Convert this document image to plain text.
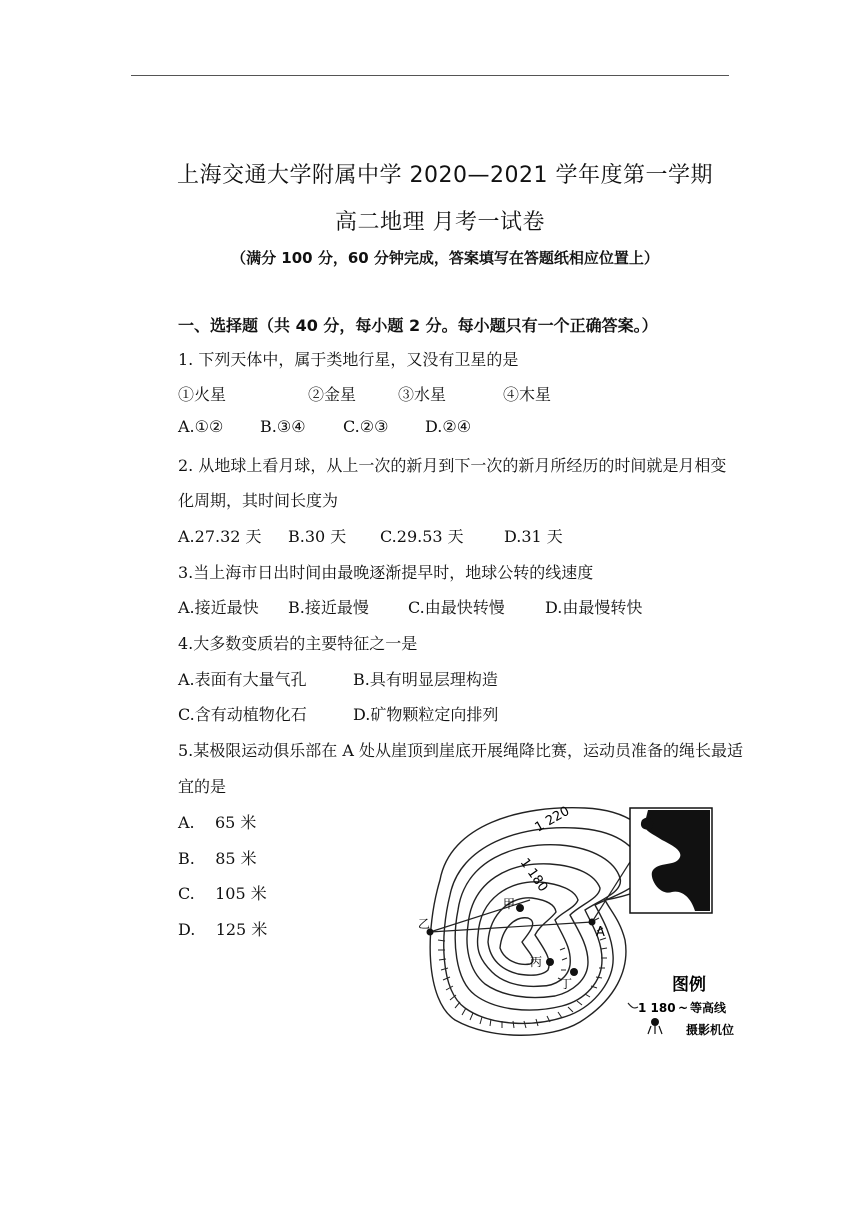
上海交通大学附属中学 2020—2021 学年度第一学期
高二地理 月考一试卷
（满分 100 分，60 分钟完成，答案填写在答题纸相应位置上）
一、选择题（共 40 分，每小题 2 分。每小题只有一个正确答案。）
1. 下列天体中，属于类地行星，又没有卫星的是
①火星	②金星	③水星	④木星
A.①② B.③④ C.②③ D.②④
2. 从地球上看月球，从上一次的新月到下一次的新月所经历的时间就是月相变
化周期，其时间长度为
A.27.32 天 B.30 天 C.29.53 天	D.31 天
3.当上海市日出时间由最晚逐渐提早时，地球公转的线速度
A.接近最快 B.接近最慢 C.由最快转慢	D.由最慢转快
4.大多数变质岩的主要特征之一是
A.表面有大量气孔	B.具有明显层理构造
C.含有动植物化石	D.矿物颗粒定向排列
5.某极限运动俱乐部在 A 处从崖顶到崖底开展绳降比赛，运动员准备的绳长最适
宜的是
A.    65 米
B.    85 米
C.    105 米
D.    125 米
1 220
1 180
A
乙
甲
丙
丁	图例
1 180 ~ 等高线
摄影机位
